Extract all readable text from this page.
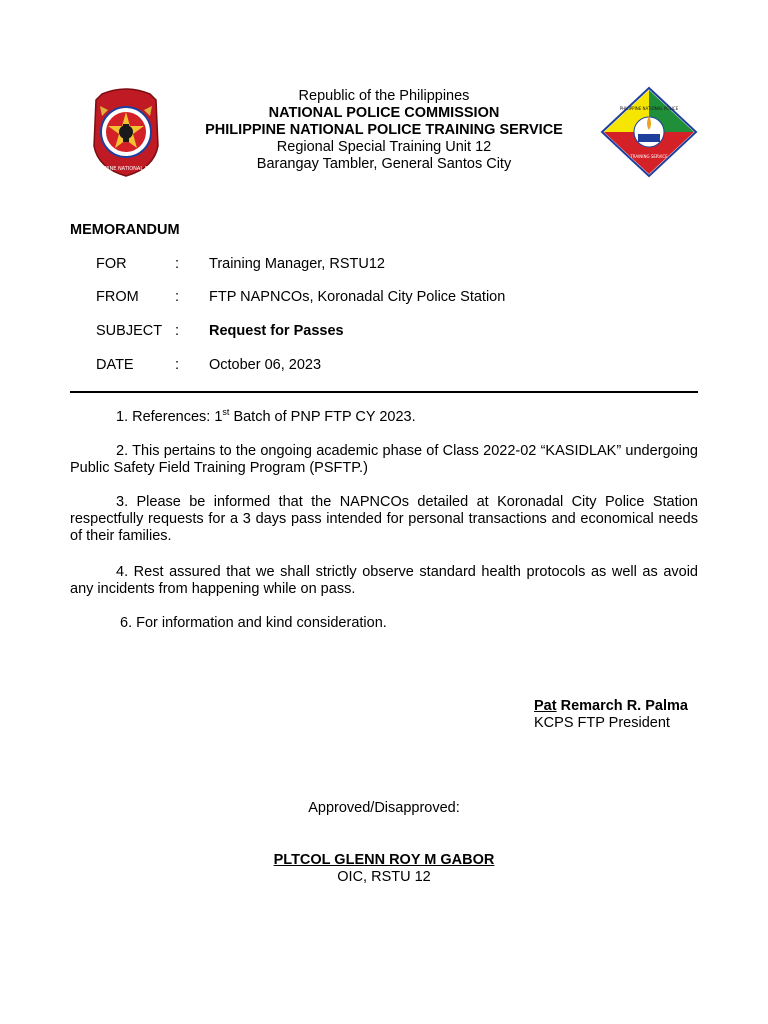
PHILIPPINE NATIONAL POLICE
PHILIPPINE NATIONAL POLICE
TRAINING SERVICE
Republic of the Philippines
NATIONAL POLICE COMMISSION
PHILIPPINE NATIONAL POLICE TRAINING SERVICE
Regional Special Training Unit 12
Barangay Tambler, General Santos City
MEMORANDUM
FOR	: Training Manager, RSTU12
FROM	: FTP NAPNCOs, Koronadal City Police Station
SUBJECT : Request for Passes
DATE	: October 06, 2023
1. References: 1st Batch of PNP FTP CY 2023.
2. This pertains to the ongoing academic phase of Class 2022-02 “KASIDLAK” undergoing Public Safety Field Training Program (PSFTP.)
3. Please be informed that the NAPNCOs detailed at Koronadal City Police Station respectfully requests for a 3 days pass intended for personal transactions and economical needs of their families.
4. Rest assured that we shall strictly observe standard health protocols as well as avoid any incidents from happening while on pass.
6. For information and kind consideration.
Pat Remarch R. Palma
KCPS FTP President
Approved/Disapproved:
PLTCOL GLENN ROY M GABOR
OIC, RSTU 12
